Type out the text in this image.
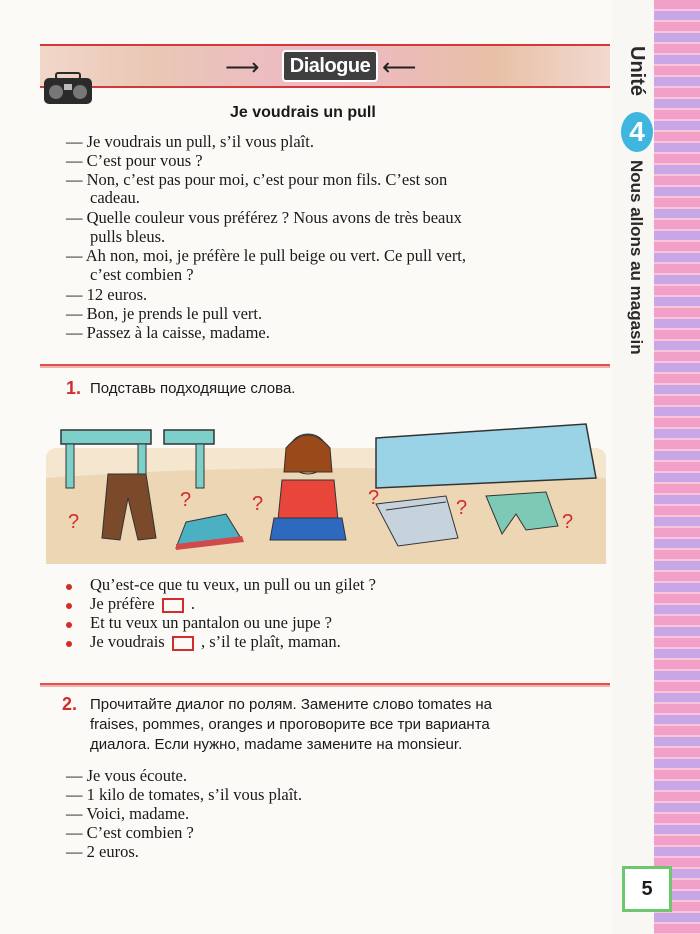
Unité
4
Nous allons au magasin
⟶	Dialogue ⟵
Je voudrais un pull
— Je voudrais un pull, s’il vous plaît.
— C’est pour vous ?
— Non, c’est pas pour moi, c’est pour mon fils. C’est son
cadeau.
— Quelle couleur vous préférez ? Nous avons de très beaux
pulls bleus.
— Ah non, moi, je préfère le pull beige ou vert. Ce pull vert,
c’est combien ?
— 12 euros.
— Bon, je prends le pull vert.
— Passez à la caisse, madame.
1. Подставь подходящие слова.
?
?	?	?	?
?
Qu’est-ce que tu veux, un pull ou un gilet ?
Je préfère .
Et tu veux un pantalon ou une jupe ?
Je voudrais , s’il te plaît, maman.
2. Прочитайте диалог по ролям. Замените слово tomates на
fraises, pommes, oranges и проговорите все три варианта
диалога. Если нужно, madame замените на monsieur.
— Je vous écoute.
— 1 kilo de tomates, s’il vous plaît.
— Voici, madame.
— C’est combien ?
— 2 euros.
5
